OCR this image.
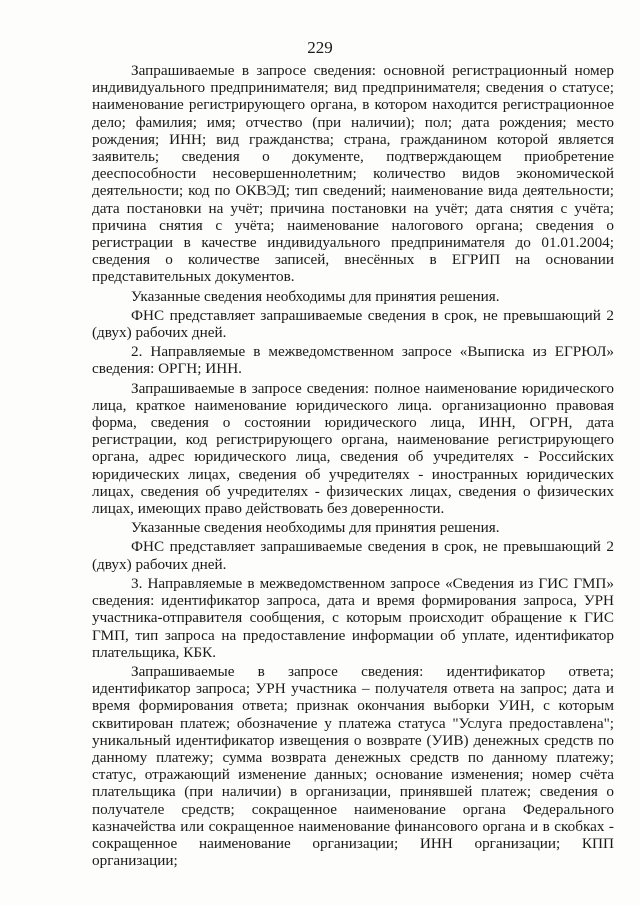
229

Запрашиваемые в запросе сведения: основной регистрационный номер индивидуального предпринимателя; вид предпринимателя; сведения о статусе; наименование регистрирующего органа, в котором находится регистрационное дело; фамилия; имя; отчество (при наличии); пол; дата рождения; место рождения; ИНН; вид гражданства; страна, гражданином которой является заявитель; сведения о документе, подтверждающем приобретение дееспособности несовершеннолетним; количество видов экономической деятельности; код по ОКВЭД; тип сведений; наименование вида деятельности; дата постановки на учёт; причина постановки на учёт; дата снятия с учёта; причина снятия с учёта; наименование налогового органа; сведения о регистрации в качестве индивидуального предпринимателя до 01.01.2004; сведения о количестве записей, внесённых в ЕГРИП на основании представительных документов.

Указанные сведения необходимы для принятия решения.

ФНС представляет запрашиваемые сведения в срок, не превышающий 2 (двух) рабочих дней.

2. Направляемые в межведомственном запросе «Выписка из ЕГРЮЛ» сведения: ОРГН; ИНН.

Запрашиваемые в запросе сведения: полное наименование юридического лица, краткое наименование юридического лица. организационно правовая форма, сведения о состоянии юридического лица, ИНН, ОГРН, дата регистрации, код регистрирующего органа, наименование регистрирующего органа, адрес юридического лица, сведения об учредителях - Российских юридических лицах, сведения об учредителях - иностранных юридических лицах, сведения об учредителях - физических лицах, сведения о физических лицах, имеющих право действовать без доверенности.

Указанные сведения необходимы для принятия решения.

ФНС представляет запрашиваемые сведения в срок, не превышающий 2 (двух) рабочих дней.

3. Направляемые в межведомственном запросе «Сведения из ГИС ГМП» сведения: идентификатор запроса, дата и время формирования запроса, УРН участника-отправителя сообщения, с которым происходит обращение к ГИС ГМП, тип запроса на предоставление информации об уплате, идентификатор плательщика, КБК.

Запрашиваемые в запросе сведения: идентификатор ответа; идентификатор запроса; УРН участника – получателя ответа на запрос; дата и время формирования ответа; признак окончания выборки УИН, с которым сквитирован платеж; обозначение у платежа статуса "Услуга предоставлена"; уникальный идентификатор извещения о возврате (УИВ) денежных средств по данному платежу; сумма возврата денежных средств по данному платежу; статус, отражающий изменение данных; основание изменения; номер счёта плательщика (при наличии) в организации, принявшей платеж; сведения о получателе средств; сокращенное наименование органа Федерального казначейства или сокращенное наименование финансового органа и в скобках - сокращенное наименование организации; ИНН организации; КПП организации;
